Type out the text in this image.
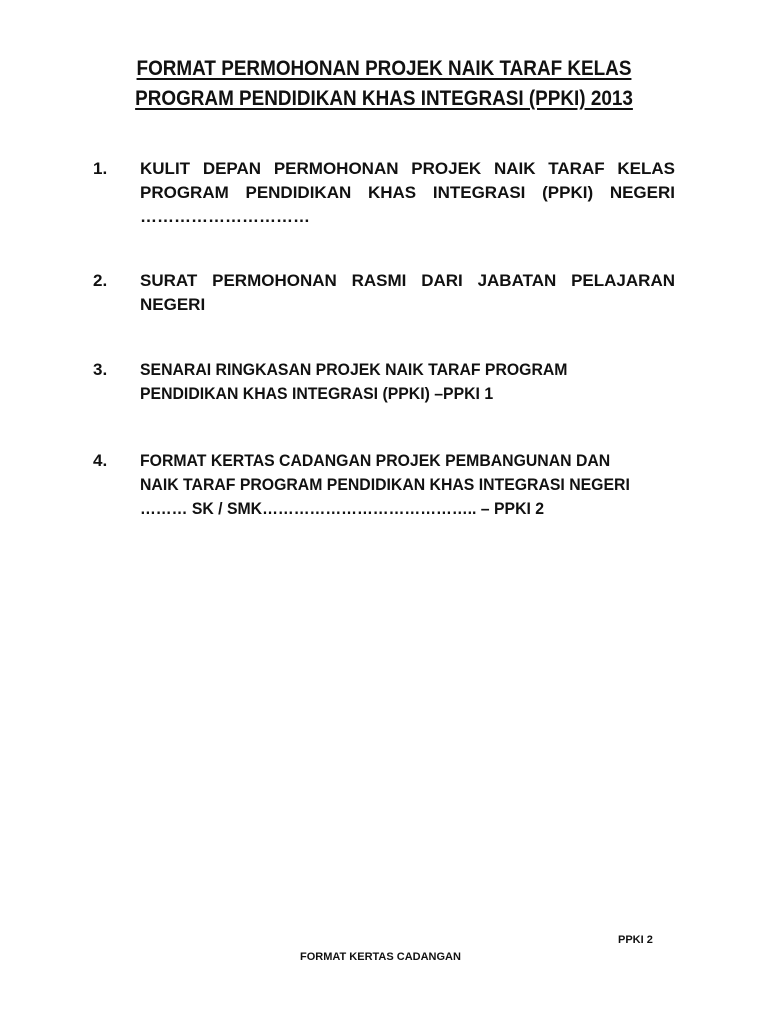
FORMAT PERMOHONAN PROJEK NAIK TARAF KELAS
PROGRAM PENDIDIKAN KHAS INTEGRASI (PPKI) 2013
1.	KULIT DEPAN PERMOHONAN PROJEK NAIK TARAF KELAS
PROGRAM PENDIDIKAN KHAS INTEGRASI (PPKI) NEGERI
…………………………
2.	SURAT PERMOHONAN RASMI DARI JABATAN PELAJARAN
NEGERI
3.	SENARAI RINGKASAN PROJEK NAIK TARAF PROGRAM
PENDIDIKAN KHAS INTEGRASI (PPKI) –PPKI 1
4.	FORMAT KERTAS CADANGAN PROJEK PEMBANGUNAN DAN
NAIK TARAF PROGRAM PENDIDIKAN KHAS INTEGRASI NEGERI
……… SK / SMK………………………………….. – PPKI 2
PPKI 2
FORMAT KERTAS CADANGAN
